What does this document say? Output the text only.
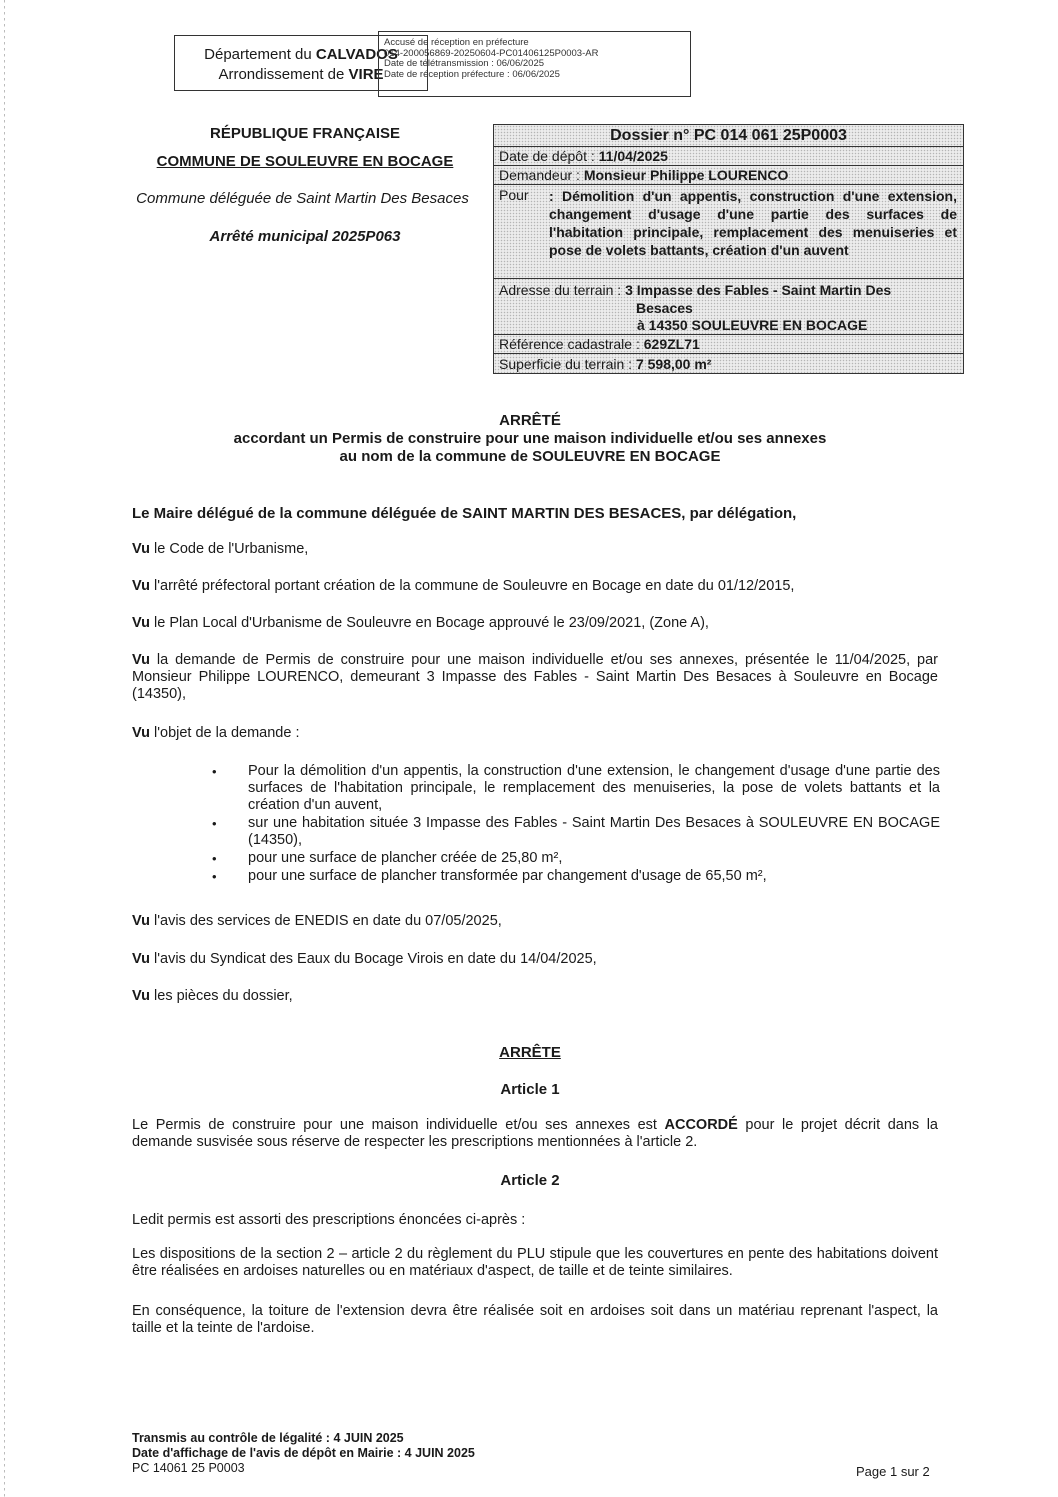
Département du CALVADOS
Arrondissement de VIRE
Accusé de réception en préfecture
014-200056869-20250604-PC01406125P0003-AR
Date de télétransmission : 06/06/2025
Date de réception préfecture : 06/06/2025
RÉPUBLIQUE FRANÇAISE
COMMUNE DE SOULEUVRE EN BOCAGE
Commune déléguée de Saint Martin Des Besaces
Arrêté municipal 2025P063
Dossier n° PC 014 061 25P0003
Date de dépôt : 11/04/2025
Demandeur : Monsieur Philippe LOURENCO
Pour : Démolition d'un appentis, construction d'une extension, changement d'usage d'une partie des surfaces de l'habitation principale, remplacement des menuiseries et pose de volets battants, création d'un auvent
Adresse du terrain : 3 Impasse des Fables - Saint Martin Des
Besaces
à 14350 SOULEUVRE EN BOCAGE
Référence cadastrale : 629ZL71
Superficie du terrain : 7 598,00 m²
ARRÊTÉ
accordant un Permis de construire pour une maison individuelle et/ou ses annexes
au nom de la commune de SOULEUVRE EN BOCAGE
Le Maire délégué de la commune déléguée de SAINT MARTIN DES BESACES, par délégation,
Vu le Code de l'Urbanisme,
Vu l'arrêté préfectoral portant création de la commune de Souleuvre en Bocage en date du 01/12/2015,
Vu le Plan Local d'Urbanisme de Souleuvre en Bocage approuvé le 23/09/2021, (Zone A),
Vu la demande de Permis de construire pour une maison individuelle et/ou ses annexes, présentée le 11/04/2025, par Monsieur Philippe LOURENCO, demeurant 3 Impasse des Fables - Saint Martin Des Besaces à Souleuvre en Bocage (14350),
Vu l'objet de la demande :
• Pour la démolition d'un appentis, la construction d'une extension, le changement d'usage d'une partie des surfaces de l'habitation principale, le remplacement des menuiseries, la pose de volets battants et la création d'un auvent,
• sur une habitation située 3 Impasse des Fables - Saint Martin Des Besaces à SOULEUVRE EN BOCAGE (14350),
• pour une surface de plancher créée de 25,80 m²,
• pour une surface de plancher transformée par changement d'usage de 65,50 m²,
Vu l'avis des services de ENEDIS en date du 07/05/2025,
Vu l'avis du Syndicat des Eaux du Bocage Virois en date du 14/04/2025,
Vu les pièces du dossier,
ARRÊTE
Article 1
Le Permis de construire pour une maison individuelle et/ou ses annexes est ACCORDÉ pour le projet décrit dans la demande susvisée sous réserve de respecter les prescriptions mentionnées à l'article 2.
Article 2
Ledit permis est assorti des prescriptions énoncées ci-après :
Les dispositions de la section 2 – article 2 du règlement du PLU stipule que les couvertures en pente des habitations doivent être réalisées en ardoises naturelles ou en matériaux d'aspect, de taille et de teinte similaires.
En conséquence, la toiture de l'extension devra être réalisée soit en ardoises soit dans un matériau reprenant l'aspect, la taille et la teinte de l'ardoise.
Transmis au contrôle de légalité : 4 JUIN 2025
Date d'affichage de l'avis de dépôt en Mairie : 4 JUIN 2025
PC 14061 25 P0003	Page 1 sur 2
